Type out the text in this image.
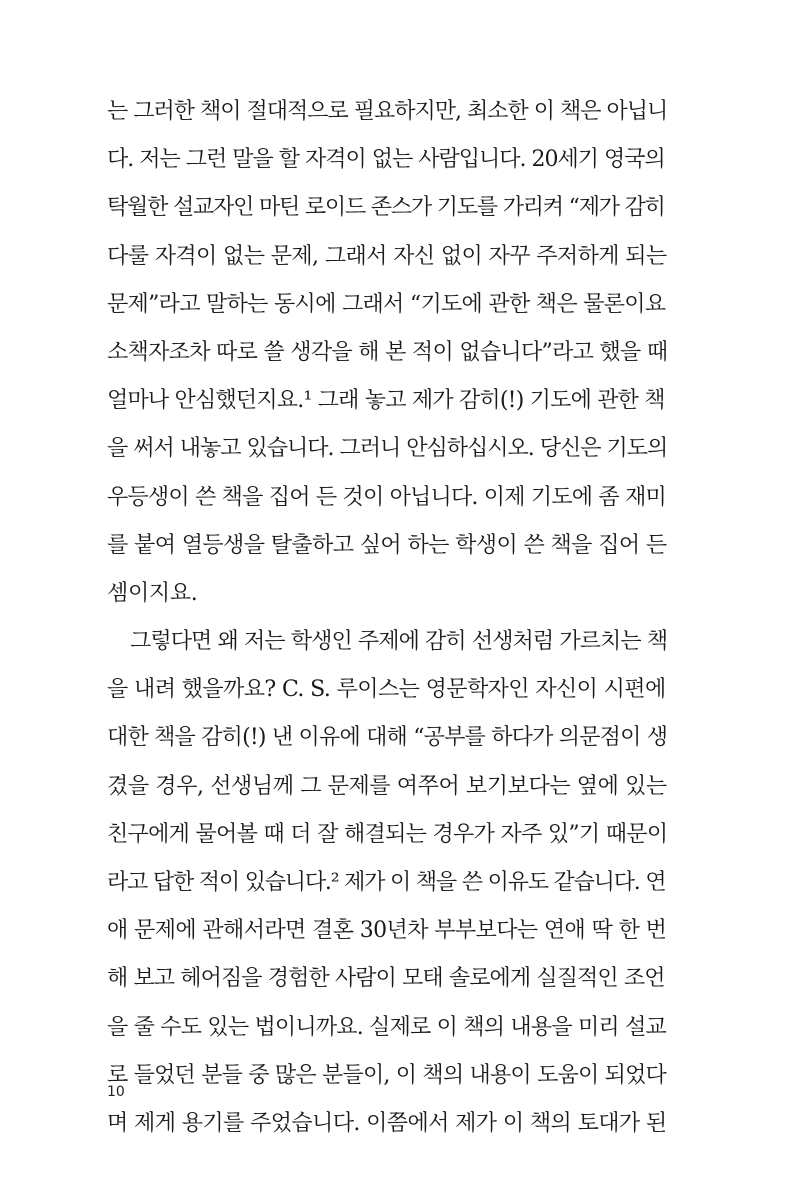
는 그러한 책이 절대적으로 필요하지만, 최소한 이 책은 아닙니
다. 저는 그런 말을 할 자격이 없는 사람입니다. 20세기 영국의
탁월한 설교자인 마틴 로이드 존스가 기도를 가리켜 “제가 감히
다룰 자격이 없는 문제, 그래서 자신 없이 자꾸 주저하게 되는
문제”라고 말하는 동시에 그래서 “기도에 관한 책은 물론이요
소책자조차 따로 쓸 생각을 해 본 적이 없습니다”라고 했을 때
얼마나 안심했던지요.¹ 그래 놓고 제가 감히(!) 기도에 관한 책
을 써서 내놓고 있습니다. 그러니 안심하십시오. 당신은 기도의
우등생이 쓴 책을 집어 든 것이 아닙니다. 이제 기도에 좀 재미
를 붙여 열등생을 탈출하고 싶어 하는 학생이 쓴 책을 집어 든
셈이지요.
그렇다면 왜 저는 학생인 주제에 감히 선생처럼 가르치는 책
을 내려 했을까요? C. S. 루이스는 영문학자인 자신이 시편에
대한 책을 감히(!) 낸 이유에 대해 “공부를 하다가 의문점이 생
겼을 경우, 선생님께 그 문제를 여쭈어 보기보다는 옆에 있는
친구에게 물어볼 때 더 잘 해결되는 경우가 자주 있”기 때문이
라고 답한 적이 있습니다.² 제가 이 책을 쓴 이유도 같습니다. 연
애 문제에 관해서라면 결혼 30년차 부부보다는 연애 딱 한 번
해 보고 헤어짐을 경험한 사람이 모태 솔로에게 실질적인 조언
을 줄 수도 있는 법이니까요. 실제로 이 책의 내용을 미리 설교
로 들었던 분들 중 많은 분들이, 이 책의 내용이 도움이 되었다
며 제게 용기를 주었습니다. 이쯤에서 제가 이 책의 토대가 된
10
